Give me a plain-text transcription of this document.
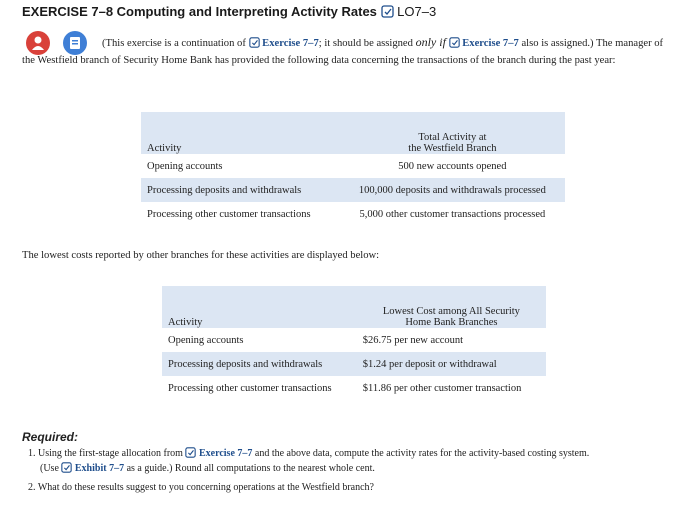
EXERCISE 7–8 Computing and Interpreting Activity Rates LO7–3
(This exercise is a continuation of Exercise 7–7; it should be assigned only if Exercise 7–7 also is assigned.) The manager of the Westfield branch of Security Home Bank has provided the following data concerning the transactions of the branch during the past year:
Activity	Total Activity at
the Westfield Branch

Opening accounts	500 new accounts opened
Processing deposits and withdrawals	100,000 deposits and withdrawals processed
Processing other customer transactions	5,000 other customer transactions processed
The lowest costs reported by other branches for these activities are displayed below:
Activity	Lowest Cost among All Security
Home Bank Branches

Opening accounts	$26.75 per new account
Processing deposits and withdrawals	$1.24 per deposit or withdrawal
Processing other customer transactions	$11.86 per other customer transaction
Required:
1. Using the first-stage allocation from Exercise 7–7 and the above data, compute the activity rates for the activity-based costing system.
(Use Exhibit 7–7 as a guide.) Round all computations to the nearest whole cent.
2. What do these results suggest to you concerning operations at the Westfield branch?
